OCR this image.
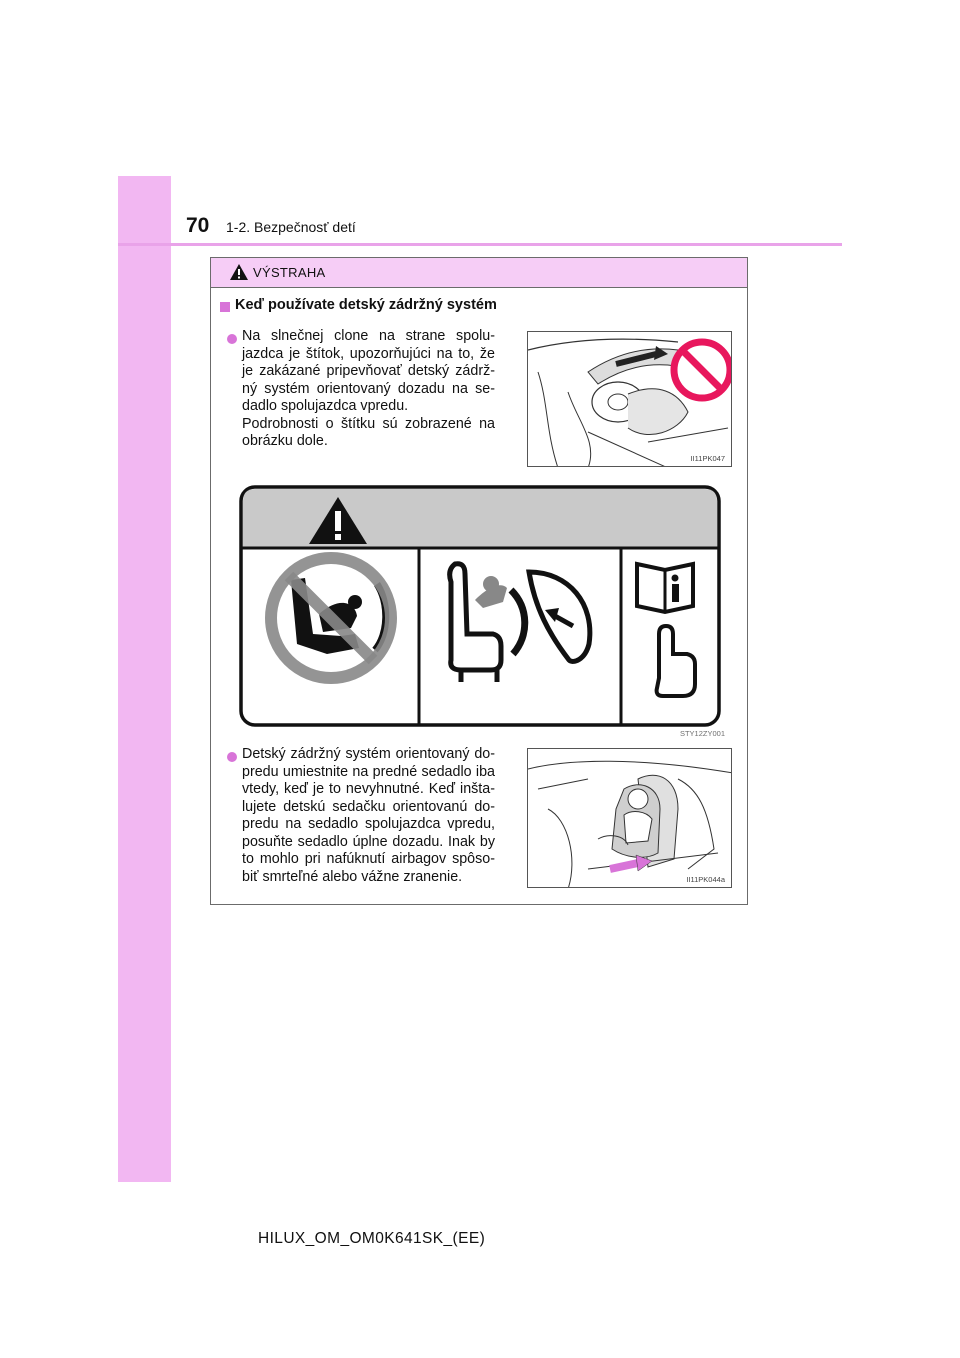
70 1-2. Bezpečnosť detí
VÝSTRAHA
Keď používate detský zádržný systém
Na slnečnej clone na strane spolu-
jazdca je štítok, upozorňujúci na to, že
je zakázané pripevňovať detský zádrž-
ný systém orientovaný dozadu na se-
dadlo spolujazdca vpredu.
Podrobnosti o štítku sú zobrazené na
obrázku dole.
II11PK047
STY12ZY001
Detský zádržný systém orientovaný do-
predu umiestnite na predné sedadlo iba
vtedy, keď je to nevyhnutné. Keď inšta-
lujete detskú sedačku orientovanú do-
predu na sedadlo spolujazdca vpredu,
posuňte sedadlo úplne dozadu. Inak by
to mohlo pri nafúknutí airbagov spôso-
biť smrteľné alebo vážne zranenie.	II11PK044a
HILUX_OM_OM0K641SK_(EE)
